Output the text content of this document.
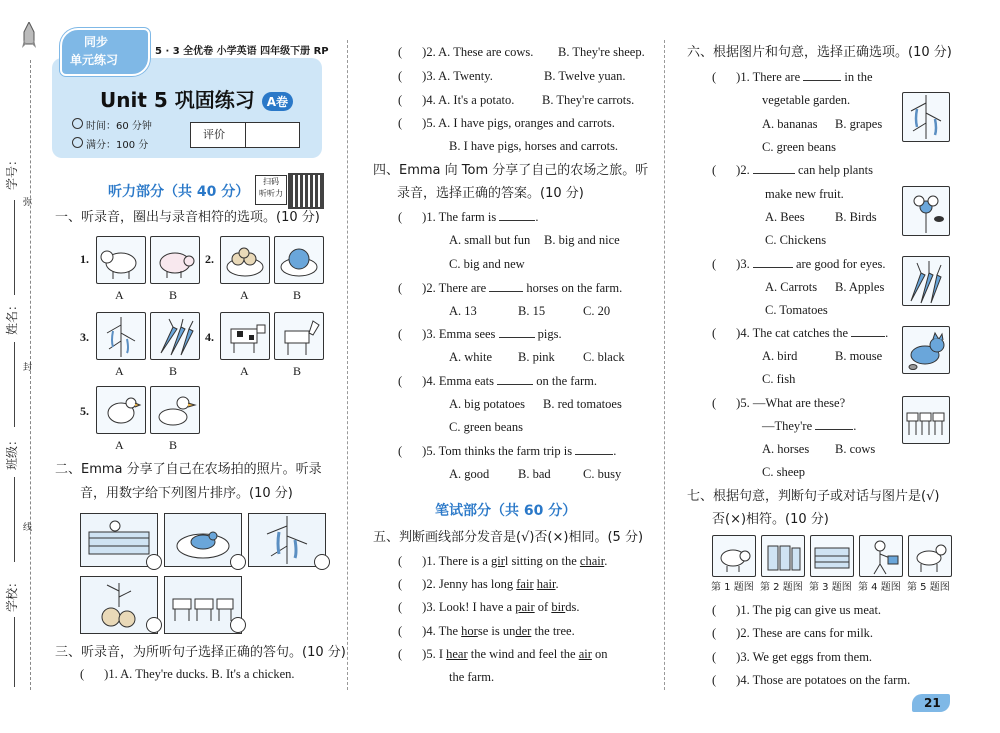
学号：
弥
姓名：
封
班级：
线
学校：
同步
单元练习
5 · 3 全优卷 小学英语 四年级下册 RP
Unit 5 巩固练习 A卷
时间：60 分钟
满分：100 分
评价
听力部分（共 40 分）
扫码
听听力
一、听录音，圈出与录音相符的选项。(10 分)
1.
A	B
2.
A	B
3.
A	B
4.
A	B
5.
A	B
二、Emma 分享了自己在农场拍的照片。听录
音，用数字给下列图片排序。(10 分)
三、听录音，为所听句子选择正确的答句。(10 分)
( )1. A. They're ducks. B. It's a chicken.
( )2. A. These are cows. B. They're sheep.
( )3. A. Twenty.	B. Twelve yuan.
( )4. A. It's a potato. B. They're carrots.
( )5. A. I have pigs, oranges and carrots.
B. I have pigs, horses and carrots.
四、Emma 向 Tom 分享了自己的农场之旅。听
录音，选择正确的答案。(10 分)
( )1. The farm is	.
A. small but fun B. big and nice
C. big and new
( )2. There are	horses on the farm.
A. 13	B. 15	C. 20
( )3. Emma sees	pigs.
A. white B. pink C. black
( )4. Emma eats	on the farm.
A. big potatoes B. red tomatoes
C. green beans
( )5. Tom thinks the farm trip is	.
A. good B. bad	C. busy
笔试部分（共 60 分）
五、判断画线部分发音是(√)否(×)相同。(5 分)
( )1. There is a girl sitting on the chair.
( )2. Jenny has long fair hair.
( )3. Look! I have a pair of birds.
( )4. The horse is under the tree.
( )5. I hear the wind and feel the air on
the farm.
六、根据图片和句意，选择正确选项。(10 分)
( )1. There are	in the
vegetable garden.
A. bananas B. grapes
C. green beans
( )2.	can help plants
make new fruit.
A. Bees B. Birds
C. Chickens
( )3.	are good for eyes.
A. Carrots B. Apples
C. Tomatoes
( )4. The cat catches the	.
A. bird	B. mouse
C. fish
( )5. —What are these?
—They're	.
A. horses B. cows
C. sheep
七、根据句意，判断句子或对话与图片是(√)
否(×)相符。(10 分)
第 1 题图 第 2 题图 第 3 题图 第 4 题图 第 5 题图
( )1. The pig can give us meat.
( )2. These are cans for milk.
( )3. We get eggs from them.
( )4. Those are potatoes on the farm.
21
